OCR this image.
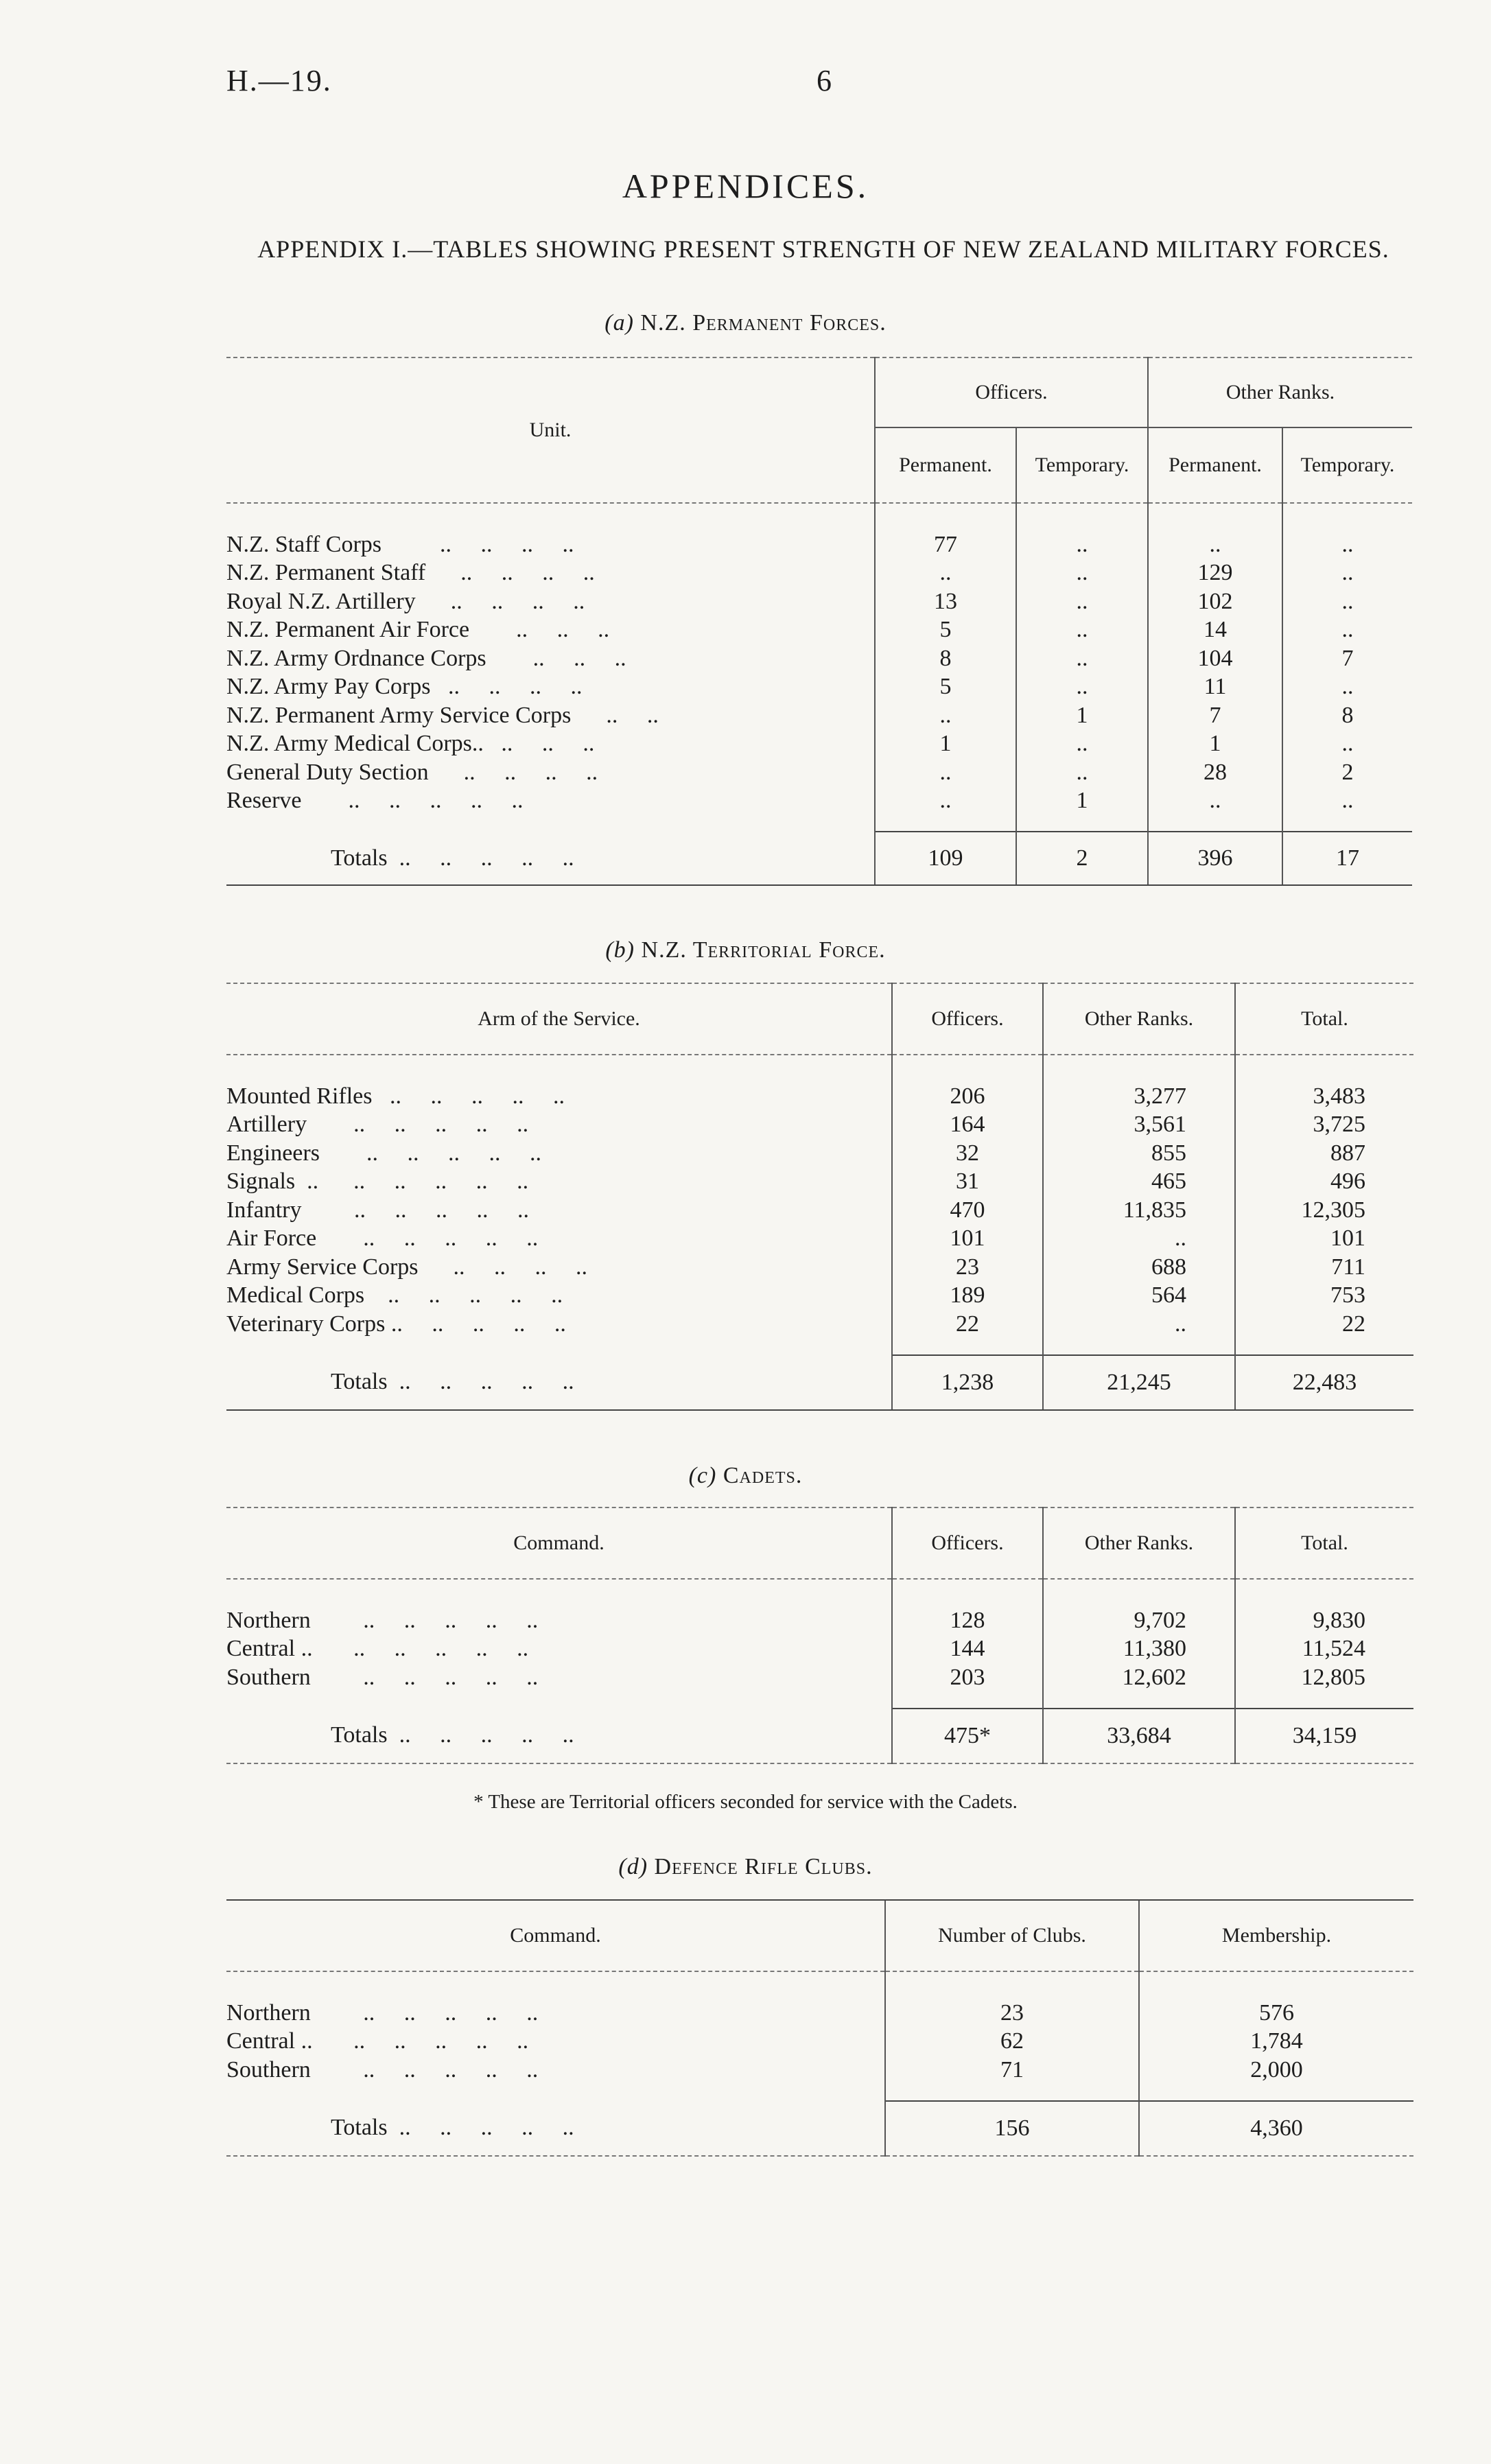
H.—19.	6
APPENDICES.
APPENDIX I.—TABLES SHOWING PRESENT STRENGTH OF NEW ZEALAND MILITARY FORCES.
(a) N.Z. Permanent Forces.
Unit.	Officers.		Other Ranks.	
	Permanent.	Temporary.	Permanent.	Temporary.

N.Z. Staff Corps          ..     ..     ..     ..	77	..	..	..
N.Z. Permanent Staff      ..     ..     ..     ..	..	..	129	..
Royal N.Z. Artillery      ..     ..     ..     ..	13	..	102	..
N.Z. Permanent Air Force        ..     ..     ..	5	..	14	..
N.Z. Army Ordnance Corps        ..     ..     ..	8	..	104	7
N.Z. Army Pay Corps   ..     ..     ..     ..	5	..	11	..
N.Z. Permanent Army Service Corps      ..     ..	..	1	7	8
N.Z. Army Medical Corps..   ..     ..     ..	1	..	1	..
General Duty Section      ..     ..     ..     ..	..	..	28	2
Reserve        ..     ..     ..     ..     ..	..	1	..	..

Totals  ..     ..     ..     ..     ..	109	2	396	17
(b) N.Z. Territorial Force.
Arm of the Service.	Officers.	Other Ranks.	Total.

Mounted Rifles   ..     ..     ..     ..     ..	206	3,277	3,483
Artillery        ..     ..     ..     ..     ..	164	3,561	3,725
Engineers        ..     ..     ..     ..     ..	32	855	887
Signals  ..      ..     ..     ..     ..     ..	31	465	496
Infantry         ..     ..     ..     ..     ..	470	11,835	12,305
Air Force        ..     ..     ..     ..     ..	101	..	101
Army Service Corps      ..     ..     ..     ..	23	688	711
Medical Corps    ..     ..     ..     ..     ..	189	564	753
Veterinary Corps ..     ..     ..     ..     ..	22	..	22

Totals  ..     ..     ..     ..     ..	1,238	21,245	22,483
(c) Cadets.
Command.	Officers.	Other Ranks.	Total.

Northern         ..     ..     ..     ..     ..	128	9,702	9,830
Central ..       ..     ..     ..     ..     ..	144	11,380	11,524
Southern         ..     ..     ..     ..     ..	203	12,602	12,805

Totals  ..     ..     ..     ..     ..	475*	33,684	34,159
* These are Territorial officers seconded for service with the Cadets.
(d) Defence Rifle Clubs.
Command.	Number of Clubs.	Membership.

Northern         ..     ..     ..     ..     ..	23	576
Central ..       ..     ..     ..     ..     ..	62	1,784
Southern         ..     ..     ..     ..     ..	71	2,000

Totals  ..     ..     ..     ..     ..	156	4,360
